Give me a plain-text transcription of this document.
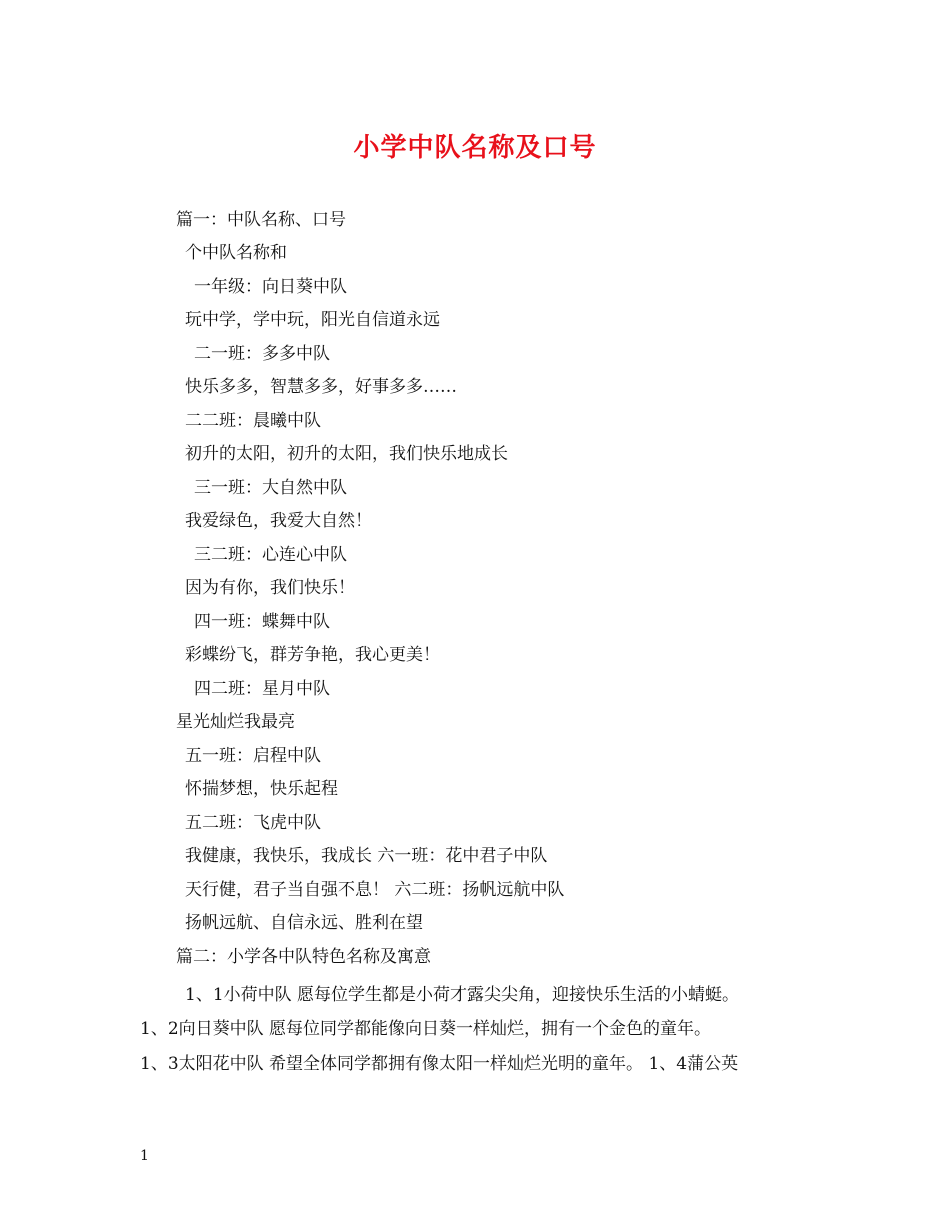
小学中队名称及口号
篇一：中队名称、口号
个中队名称和
一年级：向日葵中队
玩中学，学中玩，阳光自信道永远
二一班：多多中队
快乐多多，智慧多多，好事多多……
二二班：晨曦中队
初升的太阳，初升的太阳，我们快乐地成长
三一班：大自然中队
我爱绿色，我爱大自然！
三二班：心连心中队
因为有你，我们快乐！
四一班：蝶舞中队
彩蝶纷飞，群芳争艳，我心更美！
四二班：星月中队
星光灿烂我最亮
五一班：启程中队
怀揣梦想，快乐起程
五二班：飞虎中队
我健康，我快乐，我成长 六一班：花中君子中队
天行健，君子当自强不息！ 六二班：扬帆远航中队
扬帆远航、自信永远、胜利在望
篇二：小学各中队特色名称及寓意
1、1小荷中队 愿每位学生都是小荷才露尖尖角，迎接快乐生活的小蜻蜓。
1、2向日葵中队 愿每位同学都能像向日葵一样灿烂，拥有一个金色的童年。
1、3太阳花中队 希望全体同学都拥有像太阳一样灿烂光明的童年。 1、4蒲公英
1
